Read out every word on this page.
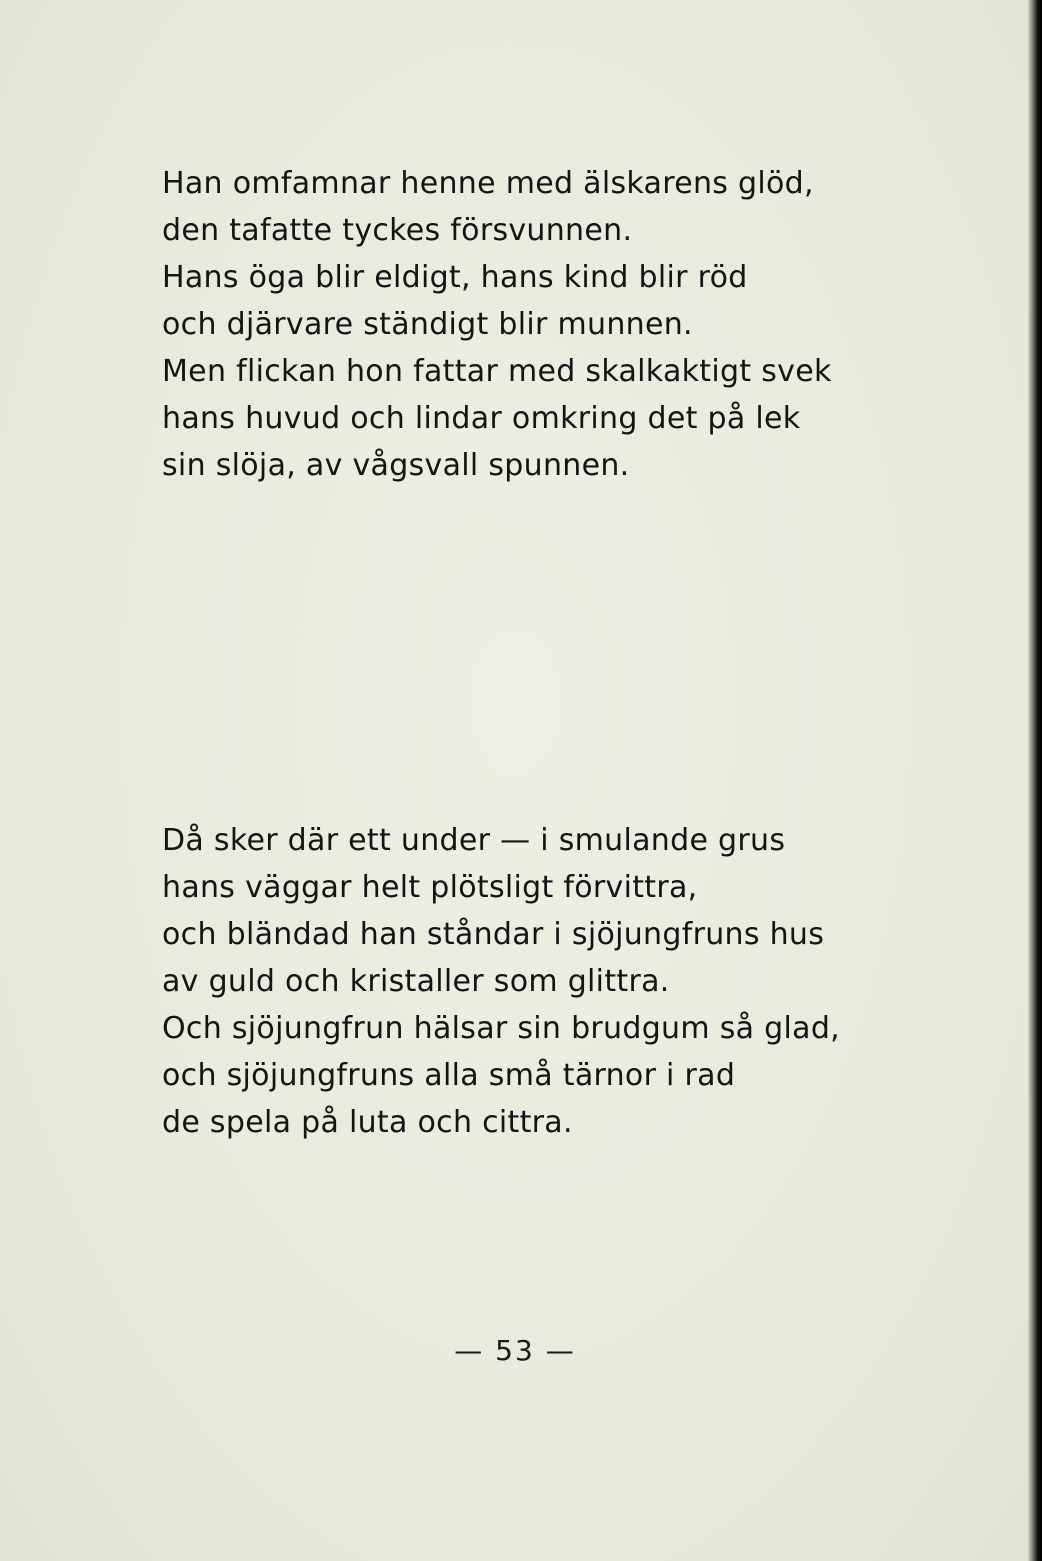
Han omfamnar henne med älskarens glöd,
den tafatte tyckes försvunnen.
Hans öga blir eldigt, hans kind blir röd
och djärvare ständigt blir munnen.
Men flickan hon fattar med skalkaktigt svek
hans huvud och lindar omkring det på lek
sin slöja, av vågsvall spunnen.
Då sker där ett under — i smulande grus
hans väggar helt plötsligt förvittra,
och bländad han ståndar i sjöjungfruns hus
av guld och kristaller som glittra.
Och sjöjungfrun hälsar sin brudgum så glad,
och sjöjungfruns alla små tärnor i rad
de spela på luta och cittra.
— 53 —
